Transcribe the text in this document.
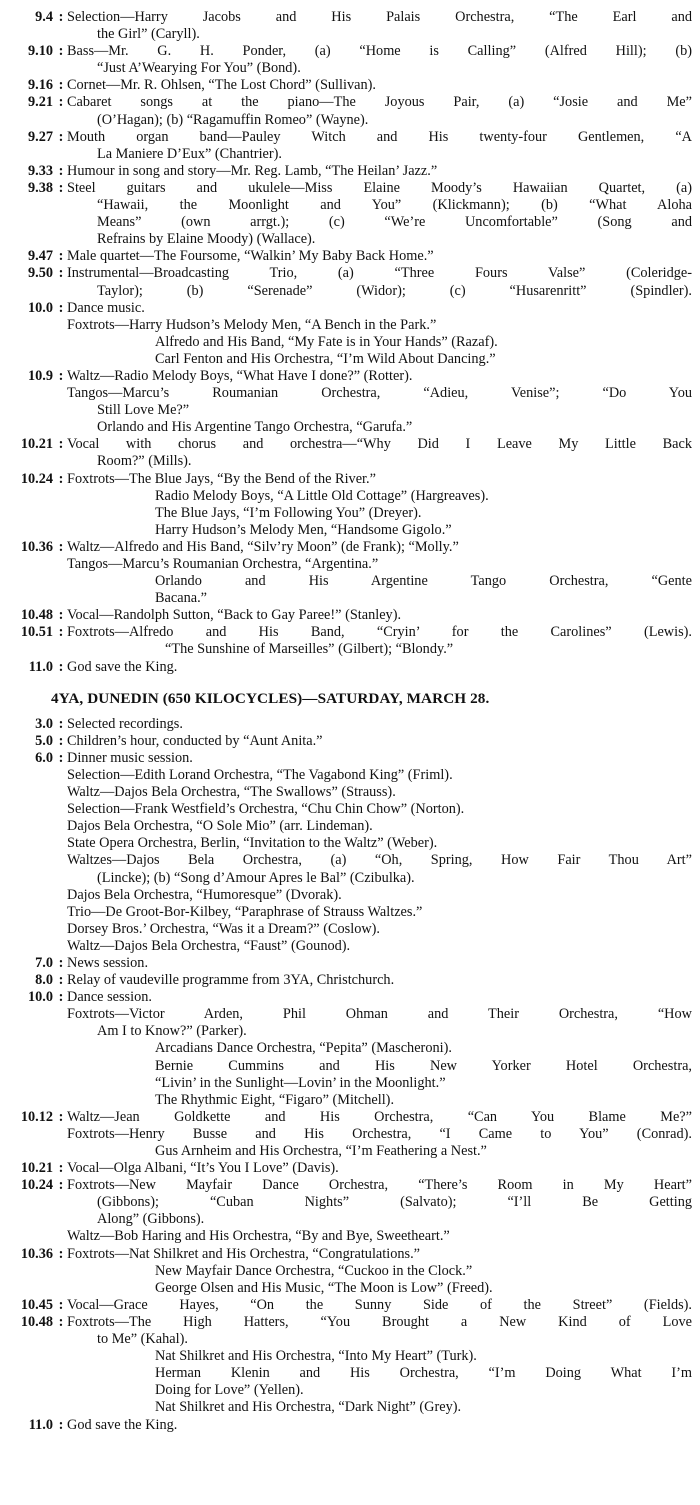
9.4 : Selection—Harry Jacobs and His Palais Orchestra, “The Earl and
the Girl” (Caryll).
9.10 : Bass—Mr. G. H. Ponder, (a) “Home is Calling” (Alfred Hill); (b)
“Just A’Wearying For You” (Bond).
9.16 : Cornet—Mr. R. Ohlsen, “The Lost Chord” (Sullivan).
9.21 : Cabaret songs at the piano—The Joyous Pair, (a) “Josie and Me”
(O’Hagan); (b) “Ragamuffin Romeo” (Wayne).
9.27 : Mouth organ band—Pauley Witch and His twenty-four Gentlemen, “A
La Maniere D’Eux” (Chantrier).
9.33 : Humour in song and story—Mr. Reg. Lamb, “The Heilan’ Jazz.”
9.38 : Steel guitars and ukulele—Miss Elaine Moody’s Hawaiian Quartet, (a)
“Hawaii, the Moonlight and You” (Klickmann); (b) “What Aloha
Means” (own arrgt.); (c) “We’re Uncomfortable” (Song and
Refrains by Elaine Moody) (Wallace).
9.47 : Male quartet—The Foursome, “Walkin’ My Baby Back Home.”
9.50 : Instrumental—Broadcasting Trio, (a) “Three Fours Valse” (Coleridge-
Taylor); (b) “Serenade” (Widor); (c) “Husarenritt” (Spindler).
10.0 : Dance music.
Foxtrots—Harry Hudson’s Melody Men, “A Bench in the Park.”
Alfredo and His Band, “My Fate is in Your Hands” (Razaf).
Carl Fenton and His Orchestra, “I’m Wild About Dancing.”
10.9 : Waltz—Radio Melody Boys, “What Have I done?” (Rotter).
Tangos—Marcu’s Roumanian Orchestra, “Adieu, Venise”; “Do You
Still Love Me?”
Orlando and His Argentine Tango Orchestra, “Garufa.”
10.21 : Vocal with chorus and orchestra—“Why Did I Leave My Little Back
Room?” (Mills).
10.24 : Foxtrots—The Blue Jays, “By the Bend of the River.”
Radio Melody Boys, “A Little Old Cottage” (Hargreaves).
The Blue Jays, “I’m Following You” (Dreyer).
Harry Hudson’s Melody Men, “Handsome Gigolo.”
10.36 : Waltz—Alfredo and His Band, “Silv’ry Moon” (de Frank); “Molly.”
Tangos—Marcu’s Roumanian Orchestra, “Argentina.”
Orlando and His Argentine Tango Orchestra, “Gente
Bacana.”
10.48 : Vocal—Randolph Sutton, “Back to Gay Paree!” (Stanley).
10.51 : Foxtrots—Alfredo and His Band, “Cryin’ for the Carolines” (Lewis).
“The Sunshine of Marseilles” (Gilbert); “Blondy.”
11.0 : God save the King.
4YA, DUNEDIN (650 KILOCYCLES)—SATURDAY, MARCH 28.
3.0 : Selected recordings.
5.0 : Children’s hour, conducted by “Aunt Anita.”
6.0 : Dinner music session.
Selection—Edith Lorand Orchestra, “The Vagabond King” (Friml).
Waltz—Dajos Bela Orchestra, “The Swallows” (Strauss).
Selection—Frank Westfield’s Orchestra, “Chu Chin Chow” (Norton).
Dajos Bela Orchestra, “O Sole Mio” (arr. Lindeman).
State Opera Orchestra, Berlin, “Invitation to the Waltz” (Weber).
Waltzes—Dajos Bela Orchestra, (a) “Oh, Spring, How Fair Thou Art”
(Lincke); (b) “Song d’Amour Apres le Bal” (Czibulka).
Dajos Bela Orchestra, “Humoresque” (Dvorak).
Trio—De Groot-Bor-Kilbey, “Paraphrase of Strauss Waltzes.”
Dorsey Bros.’ Orchestra, “Was it a Dream?” (Coslow).
Waltz—Dajos Bela Orchestra, “Faust” (Gounod).
7.0 : News session.
8.0 : Relay of vaudeville programme from 3YA, Christchurch.
10.0 : Dance session.
Foxtrots—Victor Arden, Phil Ohman and Their Orchestra, “How
Am I to Know?” (Parker).
Arcadians Dance Orchestra, “Pepita” (Mascheroni).
Bernie Cummins and His New Yorker Hotel Orchestra,
“Livin’ in the Sunlight—Lovin’ in the Moonlight.”
The Rhythmic Eight, “Figaro” (Mitchell).
10.12 : Waltz—Jean Goldkette and His Orchestra, “Can You Blame Me?”
Foxtrots—Henry Busse and His Orchestra, “I Came to You” (Conrad).
Gus Arnheim and His Orchestra, “I’m Feathering a Nest.”
10.21 : Vocal—Olga Albani, “It’s You I Love” (Davis).
10.24 : Foxtrots—New Mayfair Dance Orchestra, “There’s Room in My Heart”
(Gibbons); “Cuban Nights” (Salvato); “I’ll Be Getting
Along” (Gibbons).
Waltz—Bob Haring and His Orchestra, “By and Bye, Sweetheart.”
10.36 : Foxtrots—Nat Shilkret and His Orchestra, “Congratulations.”
New Mayfair Dance Orchestra, “Cuckoo in the Clock.”
George Olsen and His Music, “The Moon is Low” (Freed).
10.45 : Vocal—Grace Hayes, “On the Sunny Side of the Street” (Fields).
10.48 : Foxtrots—The High Hatters, “You Brought a New Kind of Love
to Me” (Kahal).
Nat Shilkret and His Orchestra, “Into My Heart” (Turk).
Herman Klenin and His Orchestra, “I’m Doing What I’m
Doing for Love” (Yellen).
Nat Shilkret and His Orchestra, “Dark Night” (Grey).
11.0 : God save the King.
